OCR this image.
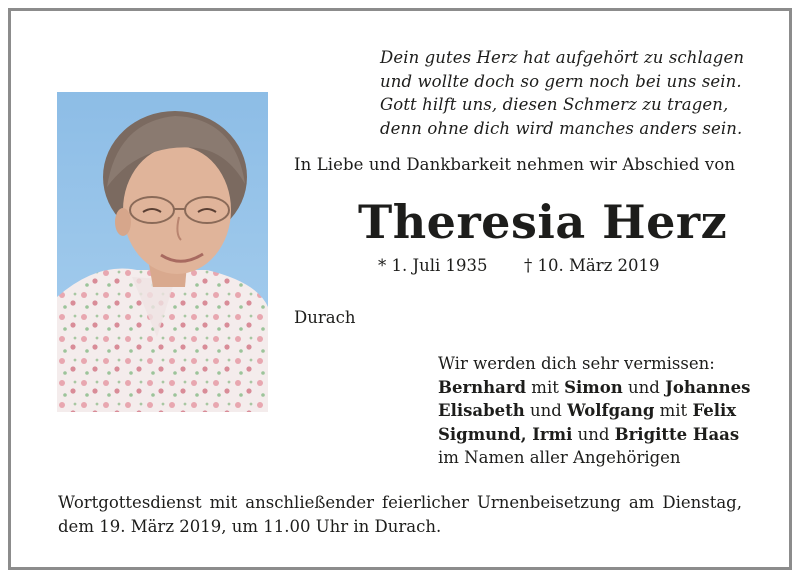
Dein gutes Herz hat aufgehört zu schlagen
und wollte doch so gern noch bei uns sein.
Gott hilft uns, diesen Schmerz zu tragen,
denn ohne dich wird manches anders sein.
In Liebe und Dankbarkeit nehmen wir Abschied von
Theresia Herz
* 1. Juli 1935 † 10. März 2019
Durach
Wir werden dich sehr vermissen:
Bernhard mit Simon und Johannes
Elisabeth und Wolfgang mit Felix
Sigmund, Irmi und Brigitte Haas
im Namen aller Angehörigen
Wortgottesdienst mit anschließender feierlicher Urnenbeisetzung am Dienstag,
dem 19. März 2019, um 11.00 Uhr in Durach.
